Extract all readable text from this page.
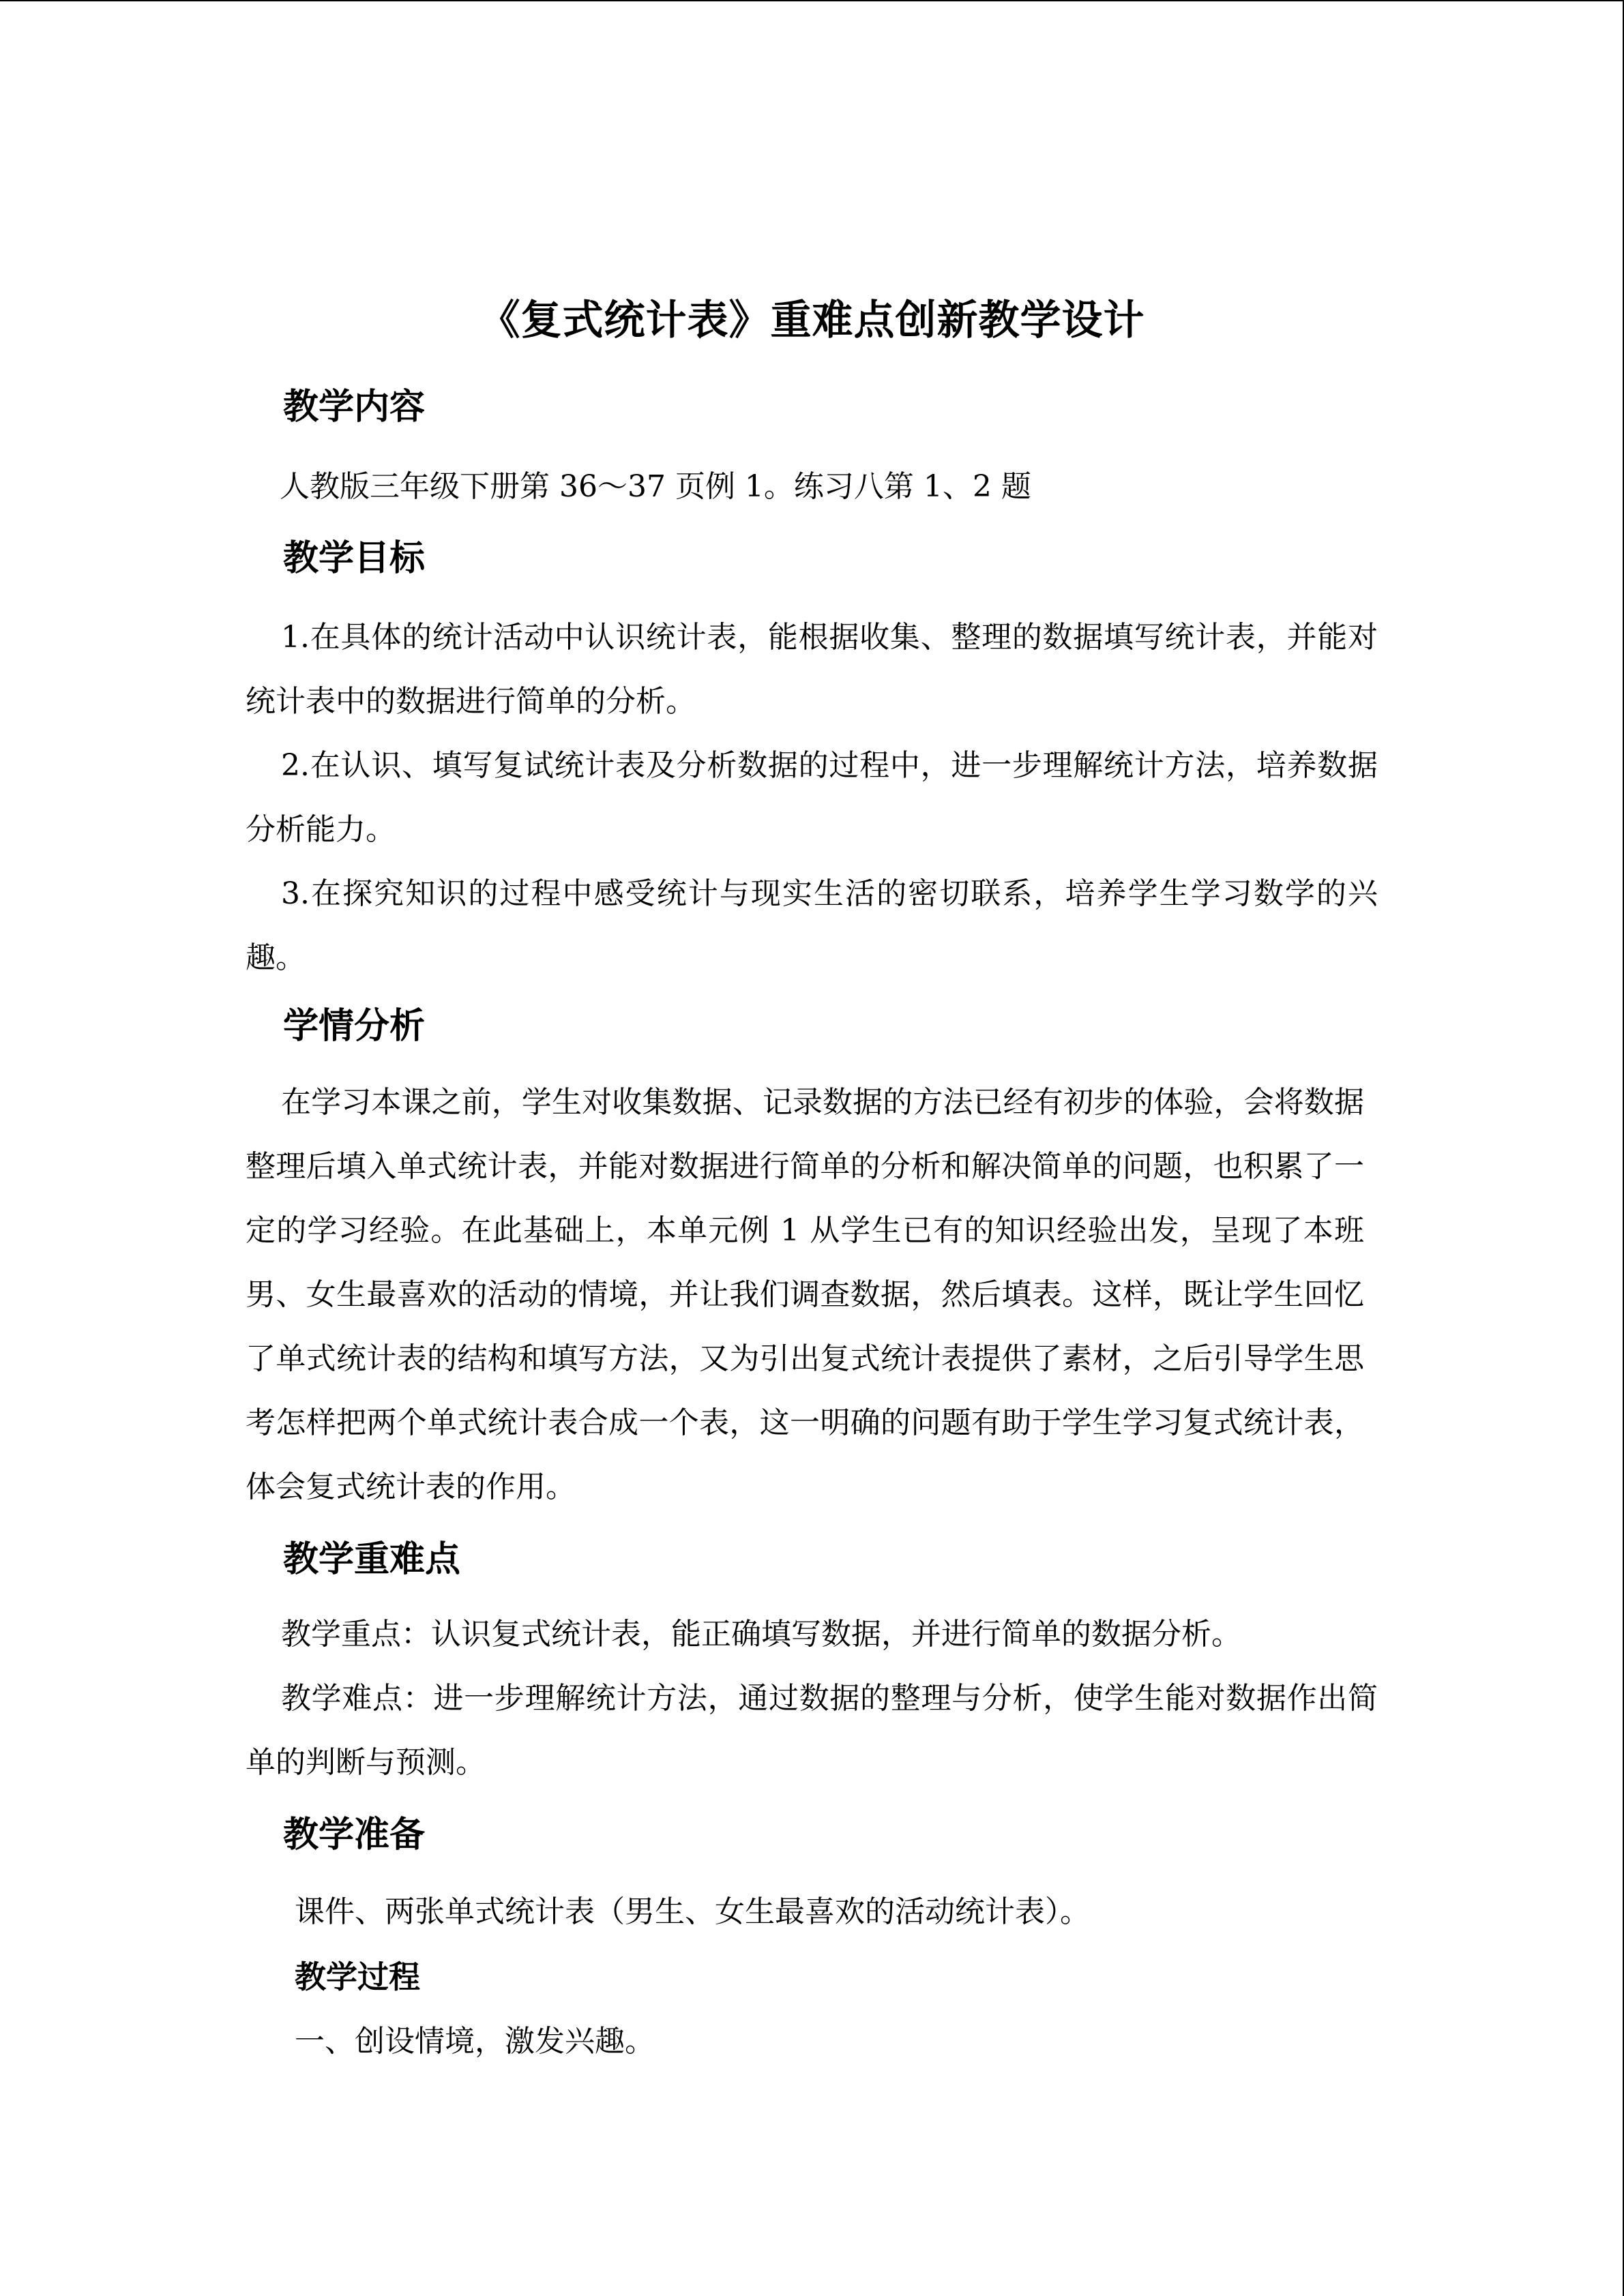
《复式统计表》重难点创新教学设计
教学内容
人教版三年级下册第 36～37 页例 1。练习八第 1、2 题
教学目标
1.在具体的统计活动中认识统计表，能根据收集、整理的数据填写统计表，并能对统计表中的数据进行简单的分析。
2.在认识、填写复试统计表及分析数据的过程中，进一步理解统计方法，培养数据分析能力。
3.在探究知识的过程中感受统计与现实生活的密切联系，培养学生学习数学的兴趣。
学情分析
在学习本课之前，学生对收集数据、记录数据的方法已经有初步的体验，会将数据整理后填入单式统计表，并能对数据进行简单的分析和解决简单的问题，也积累了一定的学习经验。在此基础上，本单元例 1 从学生已有的知识经验出发，呈现了本班男、女生最喜欢的活动的情境，并让我们调查数据，然后填表。这样，既让学生回忆了单式统计表的结构和填写方法，又为引出复式统计表提供了素材，之后引导学生思考怎样把两个单式统计表合成一个表，这一明确的问题有助于学生学习复式统计表，体会复式统计表的作用。
教学重难点
教学重点：认识复式统计表，能正确填写数据，并进行简单的数据分析。
教学难点：进一步理解统计方法，通过数据的整理与分析，使学生能对数据作出简单的判断与预测。
教学准备
课件、两张单式统计表（男生、女生最喜欢的活动统计表）。
教学过程
一、创设情境，激发兴趣。
